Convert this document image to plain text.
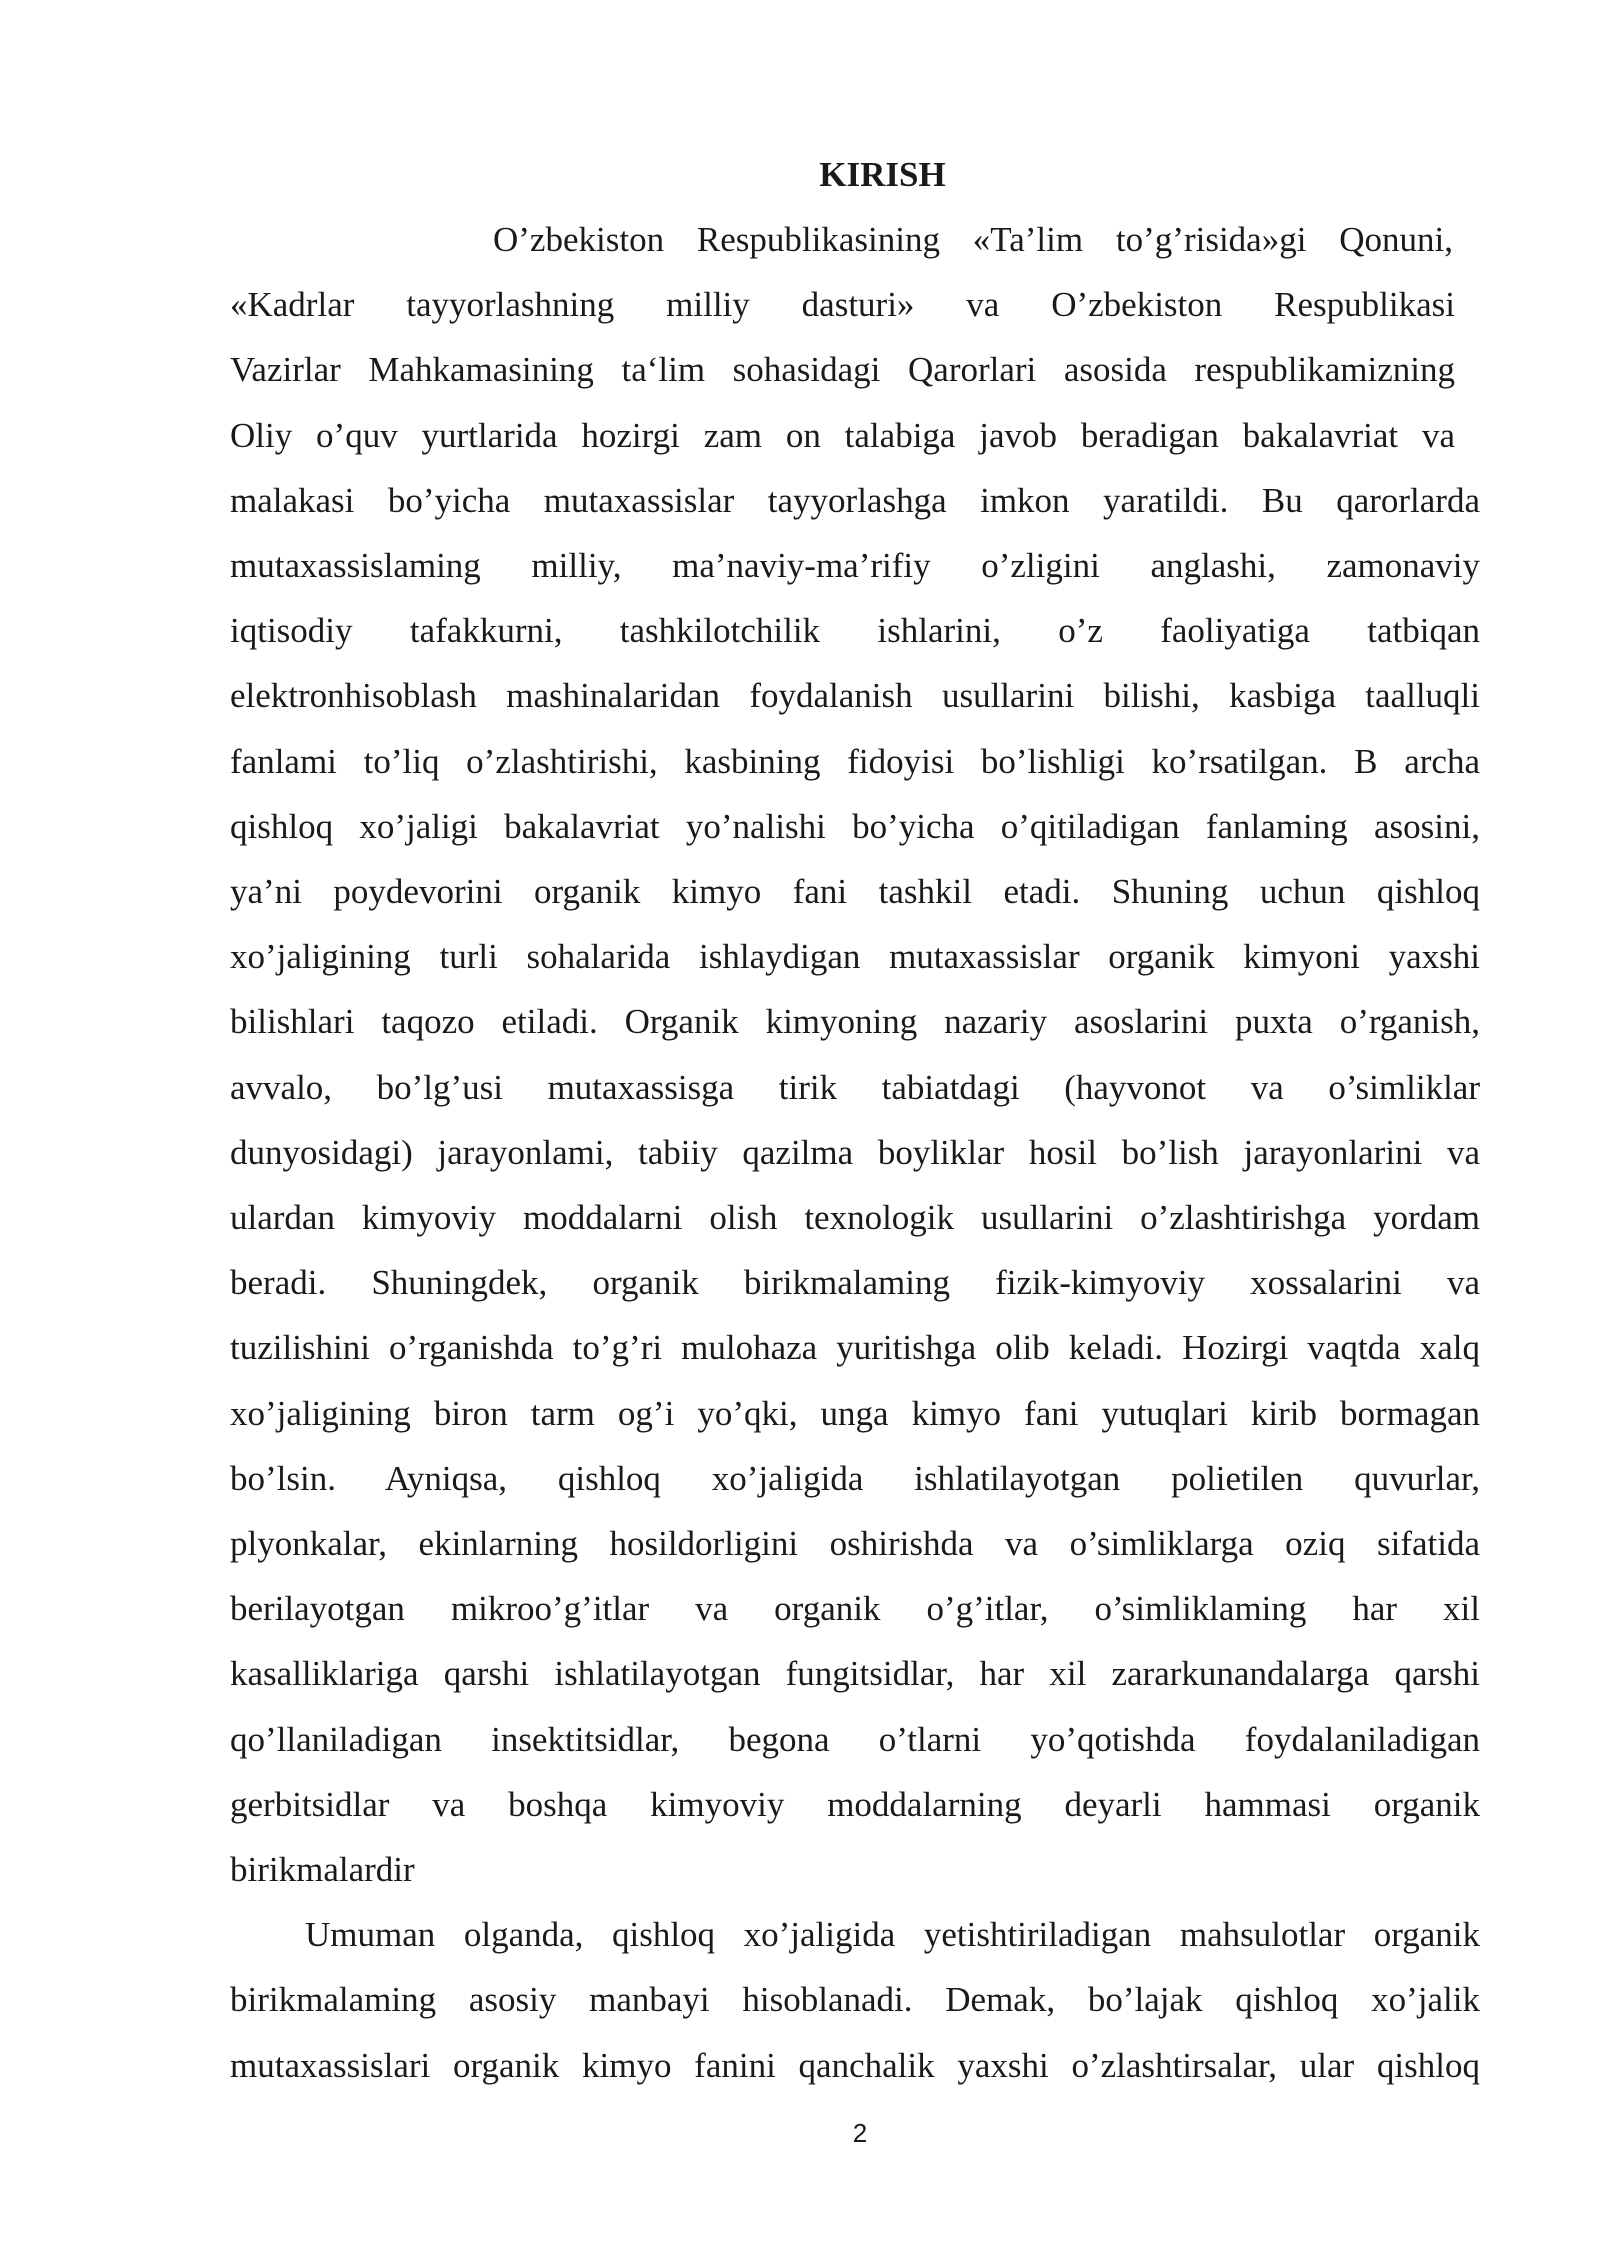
KIRISH
O’zbekiston Respublikasining «Ta’lim to’g’risida»gi Qonuni,
«Kadrlar tayyorlashning milliy dasturi» va O’zbekiston Respublikasi
Vazirlar Mahkamasining ta‘lim sohasidagi Qarorlari asosida respublikamizning
Oliy o’quv yurtlarida hozirgi zam on talabiga javob beradigan bakalavriat va
malakasi bo’yicha mutaxassislar tayyorlashga imkon yaratildi. Bu qarorlarda
mutaxassislaming milliy, ma’naviy-ma’rifiy o’zligini anglashi, zamonaviy
iqtisodiy tafakkurni, tashkilotchilik ishlarini, o’z faoliyatiga tatbiqan
elektronhisoblash mashinalaridan foydalanish usullarini bilishi, kasbiga taalluqli
fanlami to’liq o’zlashtirishi, kasbining fidoyisi bo’lishligi ko’rsatilgan. B archa
qishloq xo’jaligi bakalavriat yo’nalishi bo’yicha o’qitiladigan fanlaming asosini,
ya’ni poydevorini organik kimyo fani tashkil etadi. Shuning uchun qishloq
xo’jaligining turli sohalarida ishlaydigan mutaxassislar organik kimyoni yaxshi
bilishlari taqozo etiladi. Organik kimyoning nazariy asoslarini puxta o’rganish,
avvalo, bo’lg’usi mutaxassisga tirik tabiatdagi (hayvonot va o’simliklar
dunyosidagi) jarayonlami, tabiiy qazilma boyliklar hosil bo’lish jarayonlarini va
ulardan kimyoviy moddalarni olish texnologik usullarini o’zlashtirishga yordam
beradi. Shuningdek, organik birikmalaming fizik-kimyoviy xossalarini va
tuzilishini o’rganishda to’g’ri mulohaza yuritishga olib keladi. Hozirgi vaqtda xalq
xo’jaligining biron tarm og’i yo’qki, unga kimyo fani yutuqlari kirib bormagan
bo’lsin. Ayniqsa, qishloq xo’jaligida ishlatilayotgan polietilen quvurlar,
plyonkalar, ekinlarning hosildorligini oshirishda va o’simliklarga oziq sifatida
berilayotgan mikroo’g’itlar va organik o’g’itlar, o’simliklaming har xil
kasalliklariga qarshi ishlatilayotgan fungitsidlar, har xil zararkunandalarga qarshi
qo’llaniladigan insektitsidlar, begona o’tlarni yo’qotishda foydalaniladigan
gerbitsidlar va boshqa kimyoviy moddalarning deyarli hammasi organik
birikmalardir
Umuman olganda, qishloq xo’jaligida yetishtiriladigan mahsulotlar organik
birikmalaming asosiy manbayi hisoblanadi. Demak, bo’lajak qishloq xo’jalik
mutaxassislari organik kimyo fanini qanchalik yaxshi o’zlashtirsalar, ular qishloq
2
